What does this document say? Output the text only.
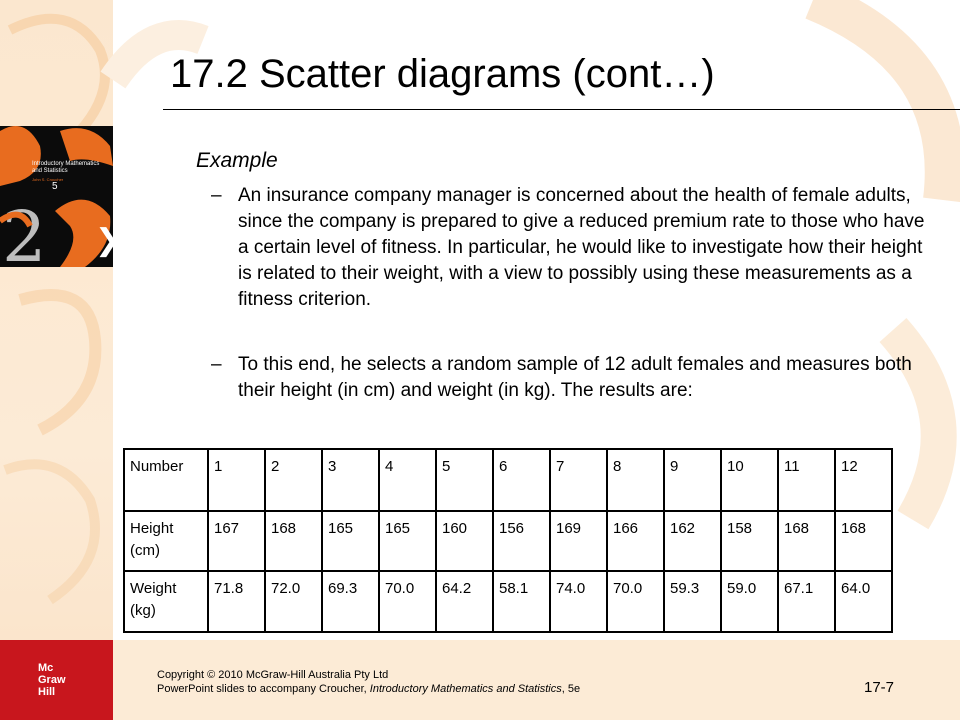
2
Introductory Mathematics
and Statistics
John S. Croucher
5
❯
17.2 Scatter diagrams (cont…)
Example
– An insurance company manager is concerned about the health of female adults, since the company is prepared to give a reduced premium rate to those who have a certain level of fitness. In particular, he would like to investigate how their height is related to their weight, with a view to possibly using these measurements as a fitness criterion.
– To this end, he selects a random sample of 12 adult females and measures both their height (in cm) and weight (in kg). The results are:
Number	1	2	3	4	5	6	7	8	9	10	11	12
Height (cm)	167	168	165	165	160	156	169	166	162	158	168	168
Weight (kg)	71.8	72.0	69.3	70.0	64.2	58.1	74.0	70.0	59.3	59.0	67.1	64.0
Mc
Graw
Hill
Copyright © 2010 McGraw-Hill Australia Pty Ltd
PowerPoint slides to accompany Croucher, Introductory Mathematics and Statistics, 5e	17-7
